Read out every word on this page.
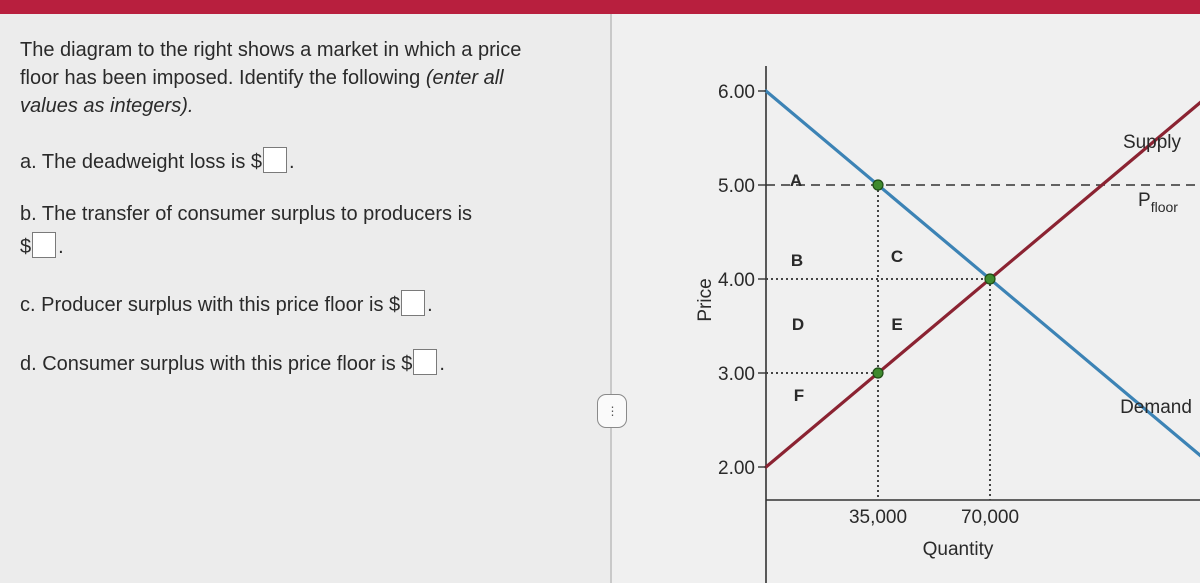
The diagram to the right shows a market in which a price floor has been imposed. Identify the following (enter all values as integers).
a. The deadweight loss is $ .
b. The transfer of consumer surplus to producers is
$ .
c. Producer surplus with this price floor is $ .
d. Consumer surplus with this price floor is $ .
⋮
6.00
5.00
4.00
3.00
2.00
35,000	70,000
Quantity
Price
A
B	C
D	E
F
Supply
Demand
$P_{floor}$
